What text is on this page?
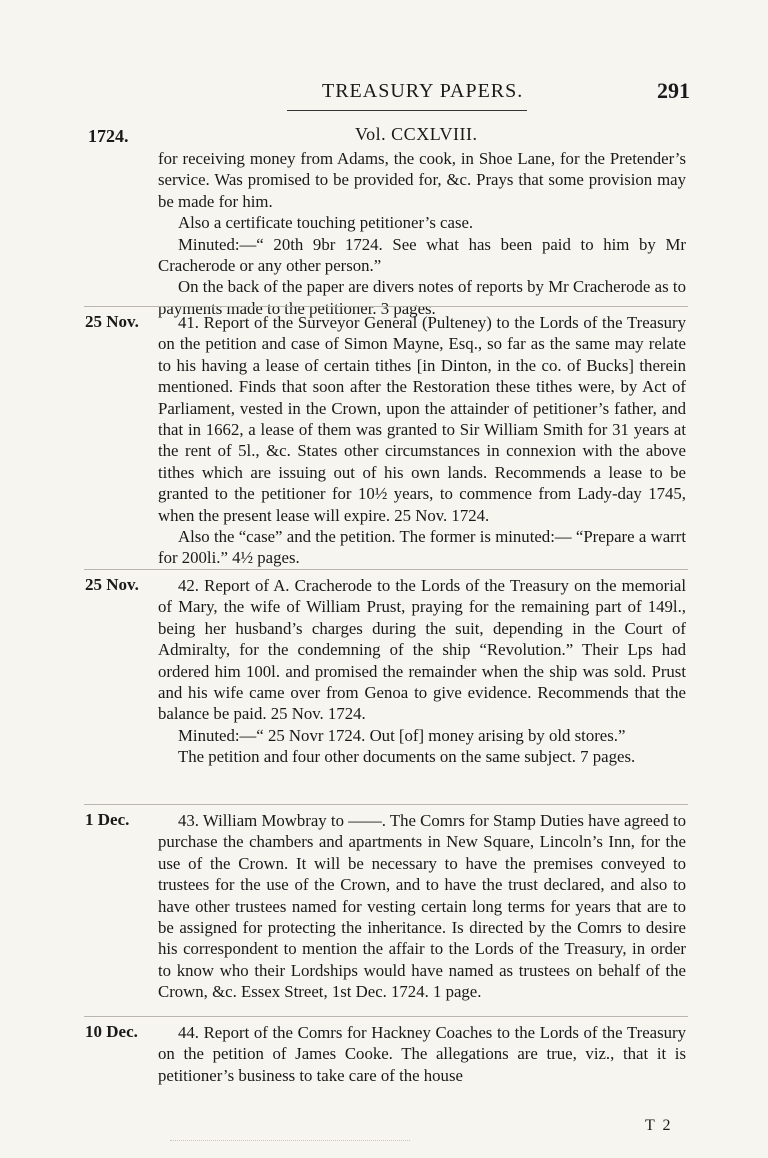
TREASURY PAPERS.	291
1724.	Vol. CCXLVIII.

for receiving money from Adams, the cook, in Shoe Lane, for the Pretender’s service. Was promised to be provided for, &c. Prays that some provision may be made for him.

Also a certificate touching petitioner’s case.

Minuted:—“ 20th 9br 1724. See what has been paid to him by Mr Cracherode or any other person.”

On the back of the paper are divers notes of reports by Mr Cracherode as to payments made to the petitioner. 3 pages.

25 Nov.	41. Report of the Surveyor General (Pulteney) to the Lords of the Treasury on the petition and case of Simon Mayne, Esq., so far as the same may relate to his having a lease of certain tithes [in Dinton, in the co. of Bucks] therein mentioned. Finds that soon after the Restoration these tithes were, by Act of Parliament, vested in the Crown, upon the attainder of petitioner’s father, and that in 1662, a lease of them was granted to Sir William Smith for 31 years at the rent of 5l., &c. States other circumstances in connexion with the above tithes which are issuing out of his own lands. Recommends a lease to be granted to the petitioner for 10½ years, to commence from Lady-day 1745, when the present lease will expire. 25 Nov. 1724.

Also the “case” and the petition. The former is minuted:— “Prepare a warrt for 200li.” 4½ pages.

25 Nov.	42. Report of A. Cracherode to the Lords of the Treasury on the memorial of Mary, the wife of William Prust, praying for the remaining part of 149l., being her husband’s charges during the suit, depending in the Court of Admiralty, for the condemning of the ship “Revolution.” Their Lps had ordered him 100l. and promised the remainder when the ship was sold. Prust and his wife came over from Genoa to give evidence. Recommends that the balance be paid. 25 Nov. 1724.

Minuted:—“ 25 Novr 1724. Out [of] money arising by old stores.”

The petition and four other documents on the same subject. 7 pages.

1 Dec.	43. William Mowbray to ——. The Comrs for Stamp Duties have agreed to purchase the chambers and apartments in New Square, Lincoln’s Inn, for the use of the Crown. It will be necessary to have the premises conveyed to trustees for the use of the Crown, and to have the trust declared, and also to have other trustees named for vesting certain long terms for years that are to be assigned for protecting the inheritance. Is directed by the Comrs to desire his correspondent to mention the affair to the Lords of the Treasury, in order to know who their Lordships would have named as trustees on behalf of the Crown, &c. Essex Street, 1st Dec. 1724. 1 page.

10 Dec.	44. Report of the Comrs for Hackney Coaches to the Lords of the Treasury on the petition of James Cooke. The allegations are true, viz., that it is petitioner’s business to take care of the house

T 2
